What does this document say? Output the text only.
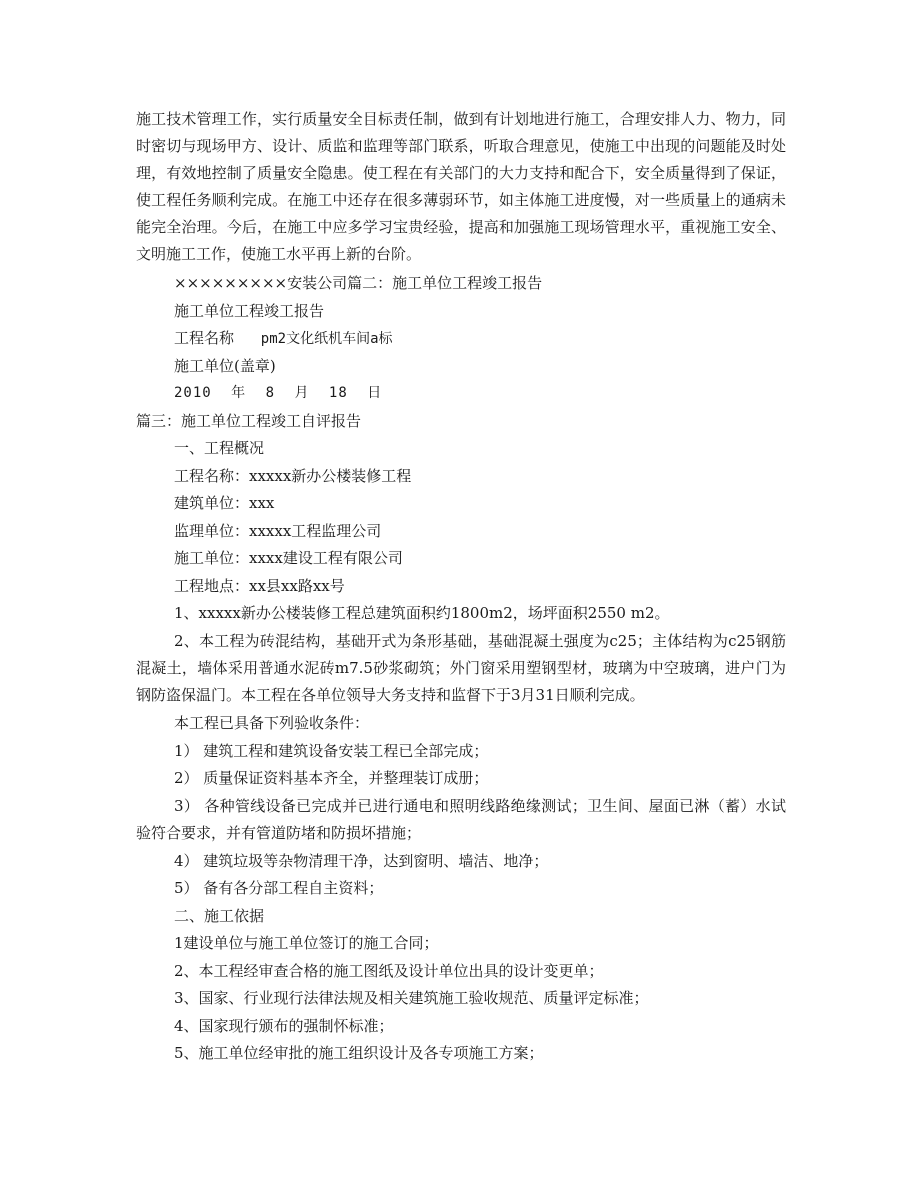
施工技术管理工作，实行质量安全目标责任制，做到有计划地进行施工，合理安排人力、物力，同时密切与现场甲方、设计、质监和监理等部门联系，听取合理意见，使施工中出现的问题能及时处理，有效地控制了质量安全隐患。使工程在有关部门的大力支持和配合下，安全质量得到了保证，使工程任务顺利完成。在施工中还存在很多薄弱环节，如主体施工进度慢，对一些质量上的通病未能完全治理。今后，在施工中应多学习宝贵经验，提高和加强施工现场管理水平，重视施工安全、文明施工工作，使施工水平再上新的台阶。

×××××××××安装公司篇二：施工单位工程竣工报告

施工单位工程竣工报告

工程名称 pm2文化纸机车间a标

施工单位(盖章)

2010 年 8 月 18 日

篇三：施工单位工程竣工自评报告

一、工程概况

工程名称：xxxxx新办公楼装修工程

建筑单位：xxx

监理单位：xxxxx工程监理公司

施工单位：xxxx建设工程有限公司

工程地点：xx县xx路xx号

1、xxxxx新办公楼装修工程总建筑面积约1800m2，场坪面积2550 m2。

2、本工程为砖混结构，基础开式为条形基础，基础混凝土强度为c25；主体结构为c25钢筋混凝土，墙体采用普通水泥砖m7.5砂浆砌筑；外门窗采用塑钢型材，玻璃为中空玻璃，进户门为钢防盗保温门。本工程在各单位领导大务支持和监督下于3月31日顺利完成。

本工程已具备下列验收条件：

1） 建筑工程和建筑设备安装工程已全部完成；

2） 质量保证资料基本齐全，并整理装订成册；

3） 各种管线设备已完成并已进行通电和照明线路绝缘测试；卫生间、屋面已淋（蓄）水试验符合要求，并有管道防堵和防损坏措施；

4） 建筑垃圾等杂物清理干净，达到窗明、墙洁、地净；

5） 备有各分部工程自主资料；

二、施工依据

1建设单位与施工单位签订的施工合同；

2、本工程经审查合格的施工图纸及设计单位出具的设计变更单；

3、国家、行业现行法律法规及相关建筑施工验收规范、质量评定标准；

4、国家现行颁布的强制怀标准；

5、施工单位经审批的施工组织设计及各专项施工方案；
